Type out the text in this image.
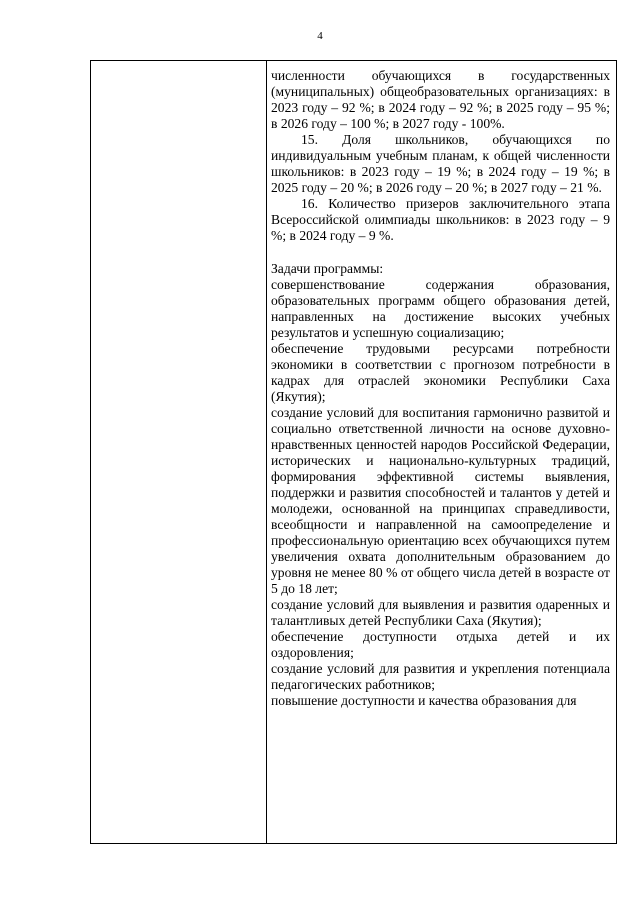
4

численности обучающихся в государственных (муниципальных) общеобразовательных организациях: в 2023 году – 92 %; в 2024 году – 92 %; в 2025 году – 95 %; в 2026 году – 100 %; в 2027 году - 100%.

15. Доля школьников, обучающихся по индивидуальным учебным планам, к общей численности школьников: в 2023 году – 19 %; в 2024 году – 19 %; в 2025 году – 20 %; в 2026 году – 20 %; в 2027 году – 21 %.

16. Количество призеров заключительного этапа Всероссийской олимпиады школьников: в 2023 году – 9 %; в 2024 году – 9 %.

Задачи программы:

совершенствование содержания образования, образовательных программ общего образования детей, направленных на достижение высоких учебных результатов и успешную социализацию;

обеспечение трудовыми ресурсами потребности экономики в соответствии с прогнозом потребности в кадрах для отраслей экономики Республики Саха (Якутия);

создание условий для воспитания гармонично развитой и социально ответственной личности на основе духовно-нравственных ценностей народов Российской Федерации, исторических и национально-культурных традиций, формирования эффективной системы выявления, поддержки и развития способностей и талантов у детей и молодежи, основанной на принципах справедливости, всеобщности и направленной на самоопределение и профессиональную ориентацию всех обучающихся путем увеличения охвата дополнительным образованием до уровня не менее 80 % от общего числа детей в возрасте от 5 до 18 лет;

создание условий для выявления и развития одаренных и талантливых детей Республики Саха (Якутия);

обеспечение доступности отдыха детей и их оздоровления;

создание условий для развития и укрепления потенциала педагогических работников;

повышение доступности и качества образования для
